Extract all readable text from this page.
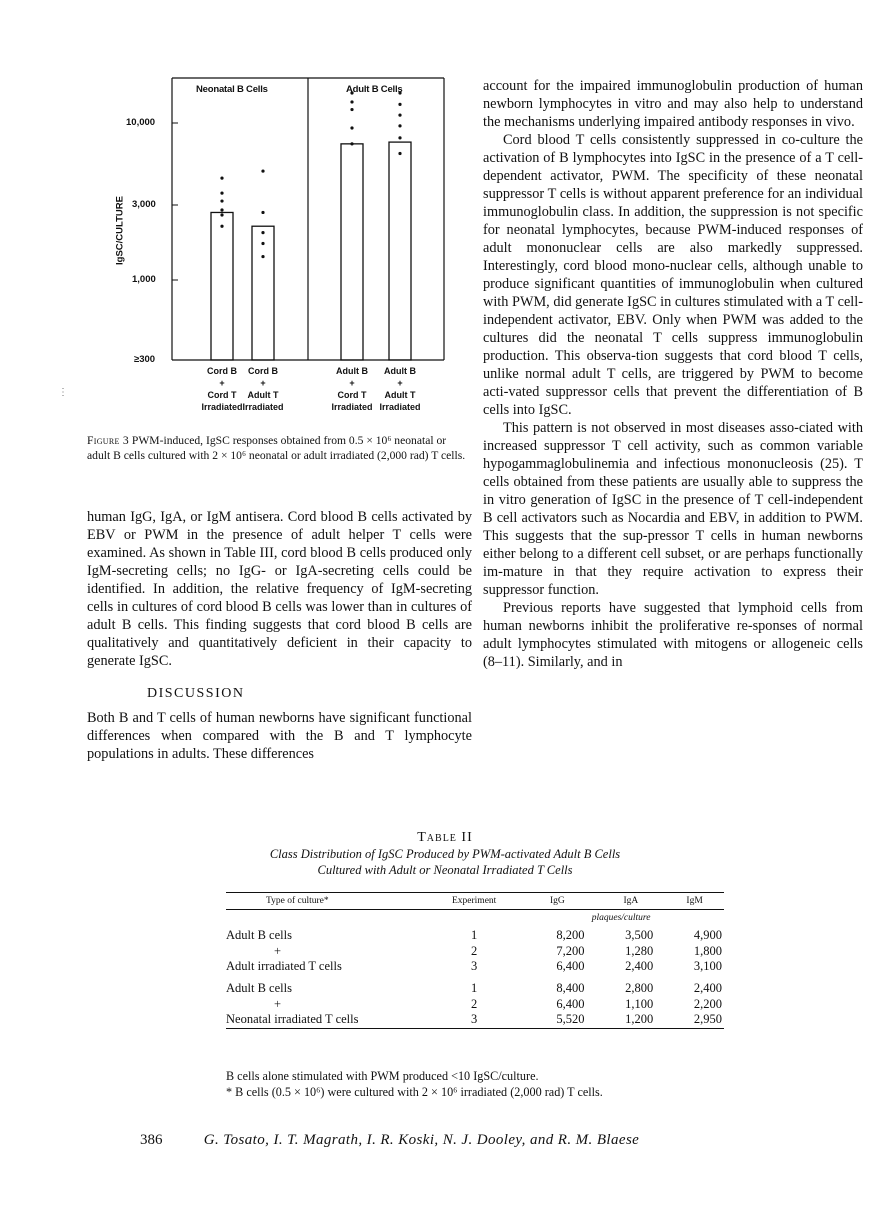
Neonatal B Cells	Adult B Cells
10,000
3,000
1,000
≥300
IgSC/CULTURE
Cord B
+
Cord T
Irradiated
Cord B
+
Adult T
Irradiated
Adult B
+
Cord T
Irradiated
Adult B
+
Adult T
Irradiated
⋮
Figure 3 PWM-induced, IgSC responses obtained from 0.5 × 10⁶ neonatal or adult B cells cultured with 2 × 10⁶ neonatal or adult irradiated (2,000 rad) T cells.

human IgG, IgA, or IgM antisera. Cord blood B cells activated by EBV or PWM in the presence of adult helper T cells were examined. As shown in Table III, cord blood B cells produced only IgM-secreting cells; no IgG- or IgA-secreting cells could be identified. In addition, the relative frequency of IgM-secreting cells in cultures of cord blood B cells was lower than in cultures of adult B cells. This finding suggests that cord blood B cells are qualitatively and quantitatively deficient in their capacity to generate IgSC.

DISCUSSION

Both B and T cells of human newborns have significant functional differences when compared with the B and T lymphocyte populations in adults. These differences

account for the impaired immunoglobulin production of human newborn lymphocytes in vitro and may also help to understand the mechanisms underlying impaired antibody responses in vivo.

Cord blood T cells consistently suppressed in co-culture the activation of B lymphocytes into IgSC in the presence of a T cell-dependent activator, PWM. The specificity of these neonatal suppressor T cells is without apparent preference for an individual immunoglobulin class. In addition, the suppression is not specific for neonatal lymphocytes, because PWM-induced responses of adult mononuclear cells are also markedly suppressed. Interestingly, cord blood mono-nuclear cells, although unable to produce significant quantities of immunoglobulin when cultured with PWM, did generate IgSC in cultures stimulated with a T cell-independent activator, EBV. Only when PWM was added to the cultures did the neonatal T cells suppress immunoglobulin production. This observa-tion suggests that cord blood T cells, unlike normal adult T cells, are triggered by PWM to become acti-vated suppressor cells that prevent the differentiation of B cells into IgSC.

This pattern is not observed in most diseases asso-ciated with increased suppressor T cell activity, such as common variable hypogammaglobulinemia and infectious mononucleosis (25). T cells obtained from these patients are usually able to suppress the in vitro generation of IgSC in the presence of T cell-independent B cell activators such as Nocardia and EBV, in addition to PWM. This suggests that the sup-pressor T cells in human newborns either belong to a different cell subset, or are perhaps functionally im-mature in that they require activation to express their suppressor function.

Previous reports have suggested that lymphoid cells from human newborns inhibit the proliferative re-sponses of normal adult lymphocytes stimulated with mitogens or allogeneic cells (8–11). Similarly, and in

Table II
Class Distribution of IgSC Produced by PWM-activated Adult B Cells
Cultured with Adult or Neonatal Irradiated T Cells
Type of culture*	Experiment	IgG	IgA	IgM
		plaques/culture		
Adult B cells	1	8,200	3,500	4,900
+	2	7,200	1,280	1,800
Adult irradiated T cells	3	6,400	2,400	3,100
Adult B cells	1	8,400	2,800	2,400
+	2	6,400	1,100	2,200
Neonatal irradiated T cells	3	5,520	1,200	2,950
B cells alone stimulated with PWM produced <10 IgSC/culture.
* B cells (0.5 × 10⁶) were cultured with 2 × 10⁶ irradiated (2,000 rad) T cells.
386	G. Tosato, I. T. Magrath, I. R. Koski, N. J. Dooley, and R. M. Blaese
